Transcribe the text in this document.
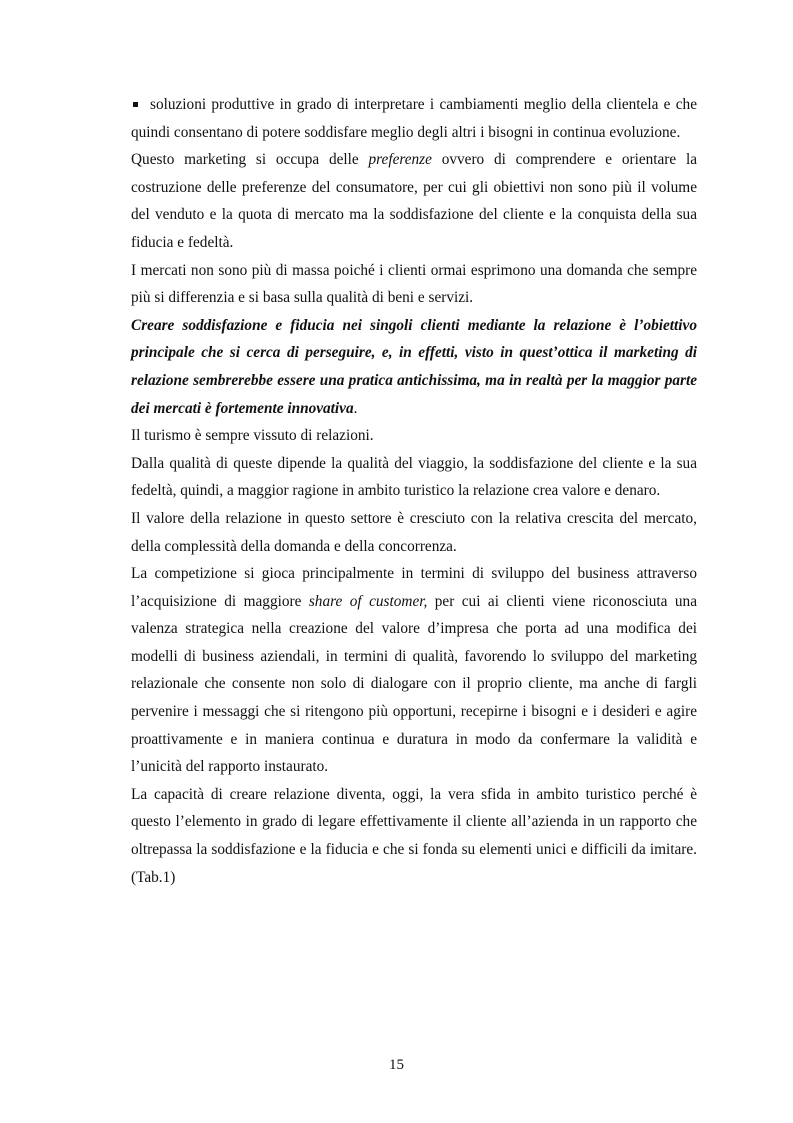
soluzioni produttive in grado di interpretare i cambiamenti meglio della clientela e che quindi consentano di potere soddisfare meglio degli altri i bisogni in continua evoluzione.

Questo marketing si occupa delle preferenze ovvero di comprendere e orientare la costruzione delle preferenze del consumatore, per cui gli obiettivi non sono più il volume del venduto e la quota di mercato ma la soddisfazione del cliente e la conquista della sua fiducia e fedeltà.

I mercati non sono più di massa poiché i clienti ormai esprimono una domanda che sempre più si differenzia e si basa sulla qualità di beni e servizi.

Creare soddisfazione e fiducia nei singoli clienti mediante la relazione è l’obiettivo principale che si cerca di perseguire, e, in effetti, visto in quest’ottica il marketing di relazione sembrerebbe essere una pratica antichissima, ma in realtà per la maggior parte dei mercati è fortemente innovativa.

Il turismo è sempre vissuto di relazioni.

Dalla qualità di queste dipende la qualità del viaggio, la soddisfazione del cliente e la sua fedeltà, quindi, a maggior ragione in ambito turistico la relazione crea valore e denaro.

Il valore della relazione in questo settore è cresciuto con la relativa crescita del mercato, della complessità della domanda e della concorrenza.

La competizione si gioca principalmente in termini di sviluppo del business attraverso l’acquisizione di maggiore share of customer, per cui ai clienti viene riconosciuta una valenza strategica nella creazione del valore d’impresa che porta ad una modifica dei modelli di business aziendali, in termini di qualità, favorendo lo sviluppo del marketing relazionale che consente non solo di dialogare con il proprio cliente, ma anche di fargli pervenire i messaggi che si ritengono più opportuni, recepirne i bisogni e i desideri e agire proattivamente e in maniera continua e duratura in modo da confermare la validità e l’unicità del rapporto instaurato.

La capacità di creare relazione diventa, oggi, la vera sfida in ambito turistico perché è questo l’elemento in grado di legare effettivamente il cliente all’azienda in un rapporto che oltrepassa la soddisfazione e la fiducia e che si fonda su elementi unici e difficili da imitare. (Tab.1)

15
